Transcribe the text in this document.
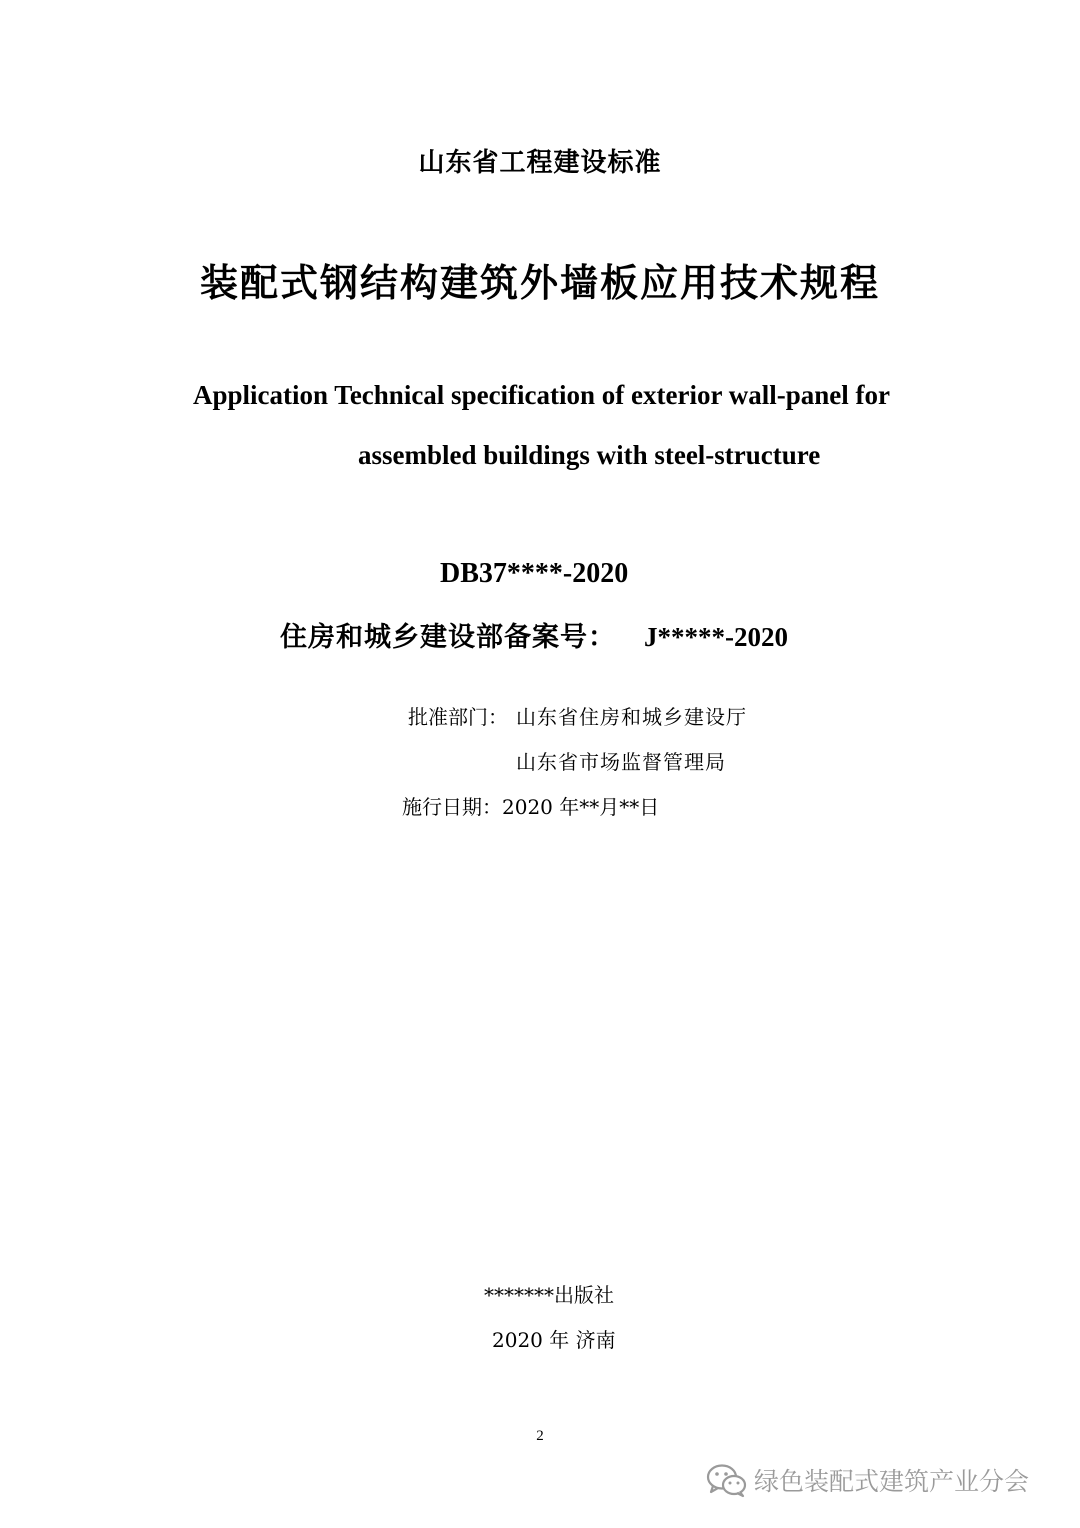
山东省工程建设标准
装配式钢结构建筑外墙板应用技术规程
Application Technical specification of exterior wall-panel for
assembled buildings with steel-structure
DB37****-2020
住房和城乡建设部备案号： J*****-2020
批准部门： 山东省住房和城乡建设厅
山东省市场监督管理局
施行日期：2020 年**月**日
*******出版社
2020 年 济南
2
绿色装配式建筑产业分会
